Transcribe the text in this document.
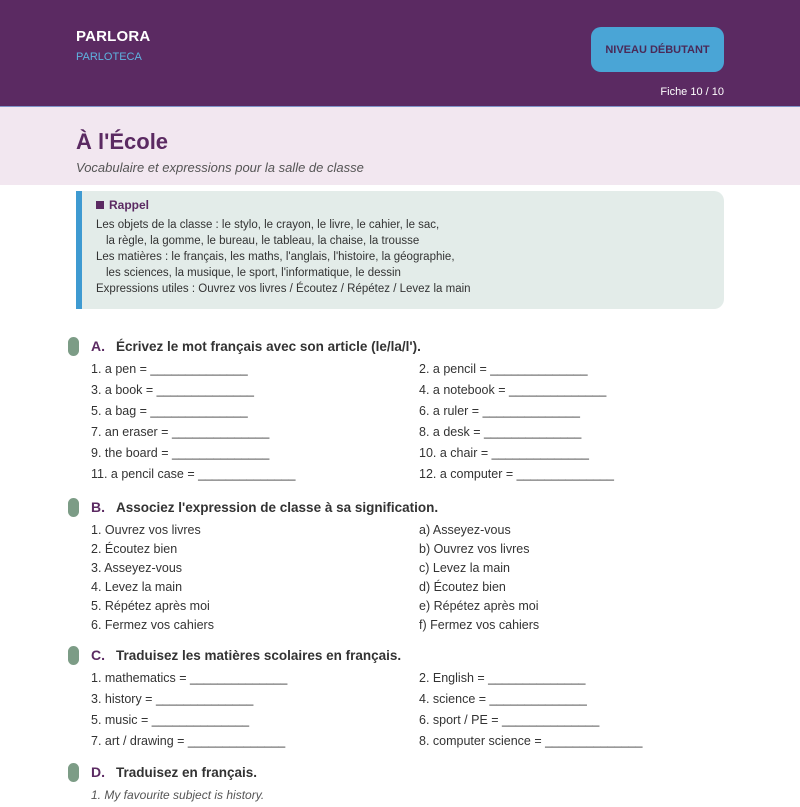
PARLORA
PARLOTECA
NIVEAU DÉBUTANT
Fiche 10 / 10
À l'École
Vocabulaire et expressions pour la salle de classe
Rappel
Les objets de la classe : le stylo, le crayon, le livre, le cahier, le sac,
la règle, la gomme, le bureau, le tableau, la chaise, la trousse
Les matières : le français, les maths, l'anglais, l'histoire, la géographie,
les sciences, la musique, le sport, l'informatique, le dessin
Expressions utiles : Ouvrez vos livres / Écoutez / Répétez / Levez la main
A. Écrivez le mot français avec son article (le/la/l').
1. a pen = ______________	2. a pencil = ______________
3. a book = ______________	4. a notebook = ______________
5. a bag = ______________	6. a ruler = ______________
7. an eraser = ______________	8. a desk = ______________
9. the board = ______________	10. a chair = ______________
11. a pencil case = ______________	12. a computer = ______________
B. Associez l'expression de classe à sa signification.
1. Ouvrez vos livres	a) Asseyez-vous
2. Écoutez bien	b) Ouvrez vos livres
3. Asseyez-vous	c) Levez la main
4. Levez la main	d) Écoutez bien
5. Répétez après moi	e) Répétez après moi
6. Fermez vos cahiers	f) Fermez vos cahiers
C. Traduisez les matières scolaires en français.
1. mathematics = ______________	2. English = ______________
3. history = ______________	4. science = ______________
5. music = ______________	6. sport / PE = ______________
7. art / drawing = ______________	8. computer science = ______________
D. Traduisez en français.
1. My favourite subject is history.
